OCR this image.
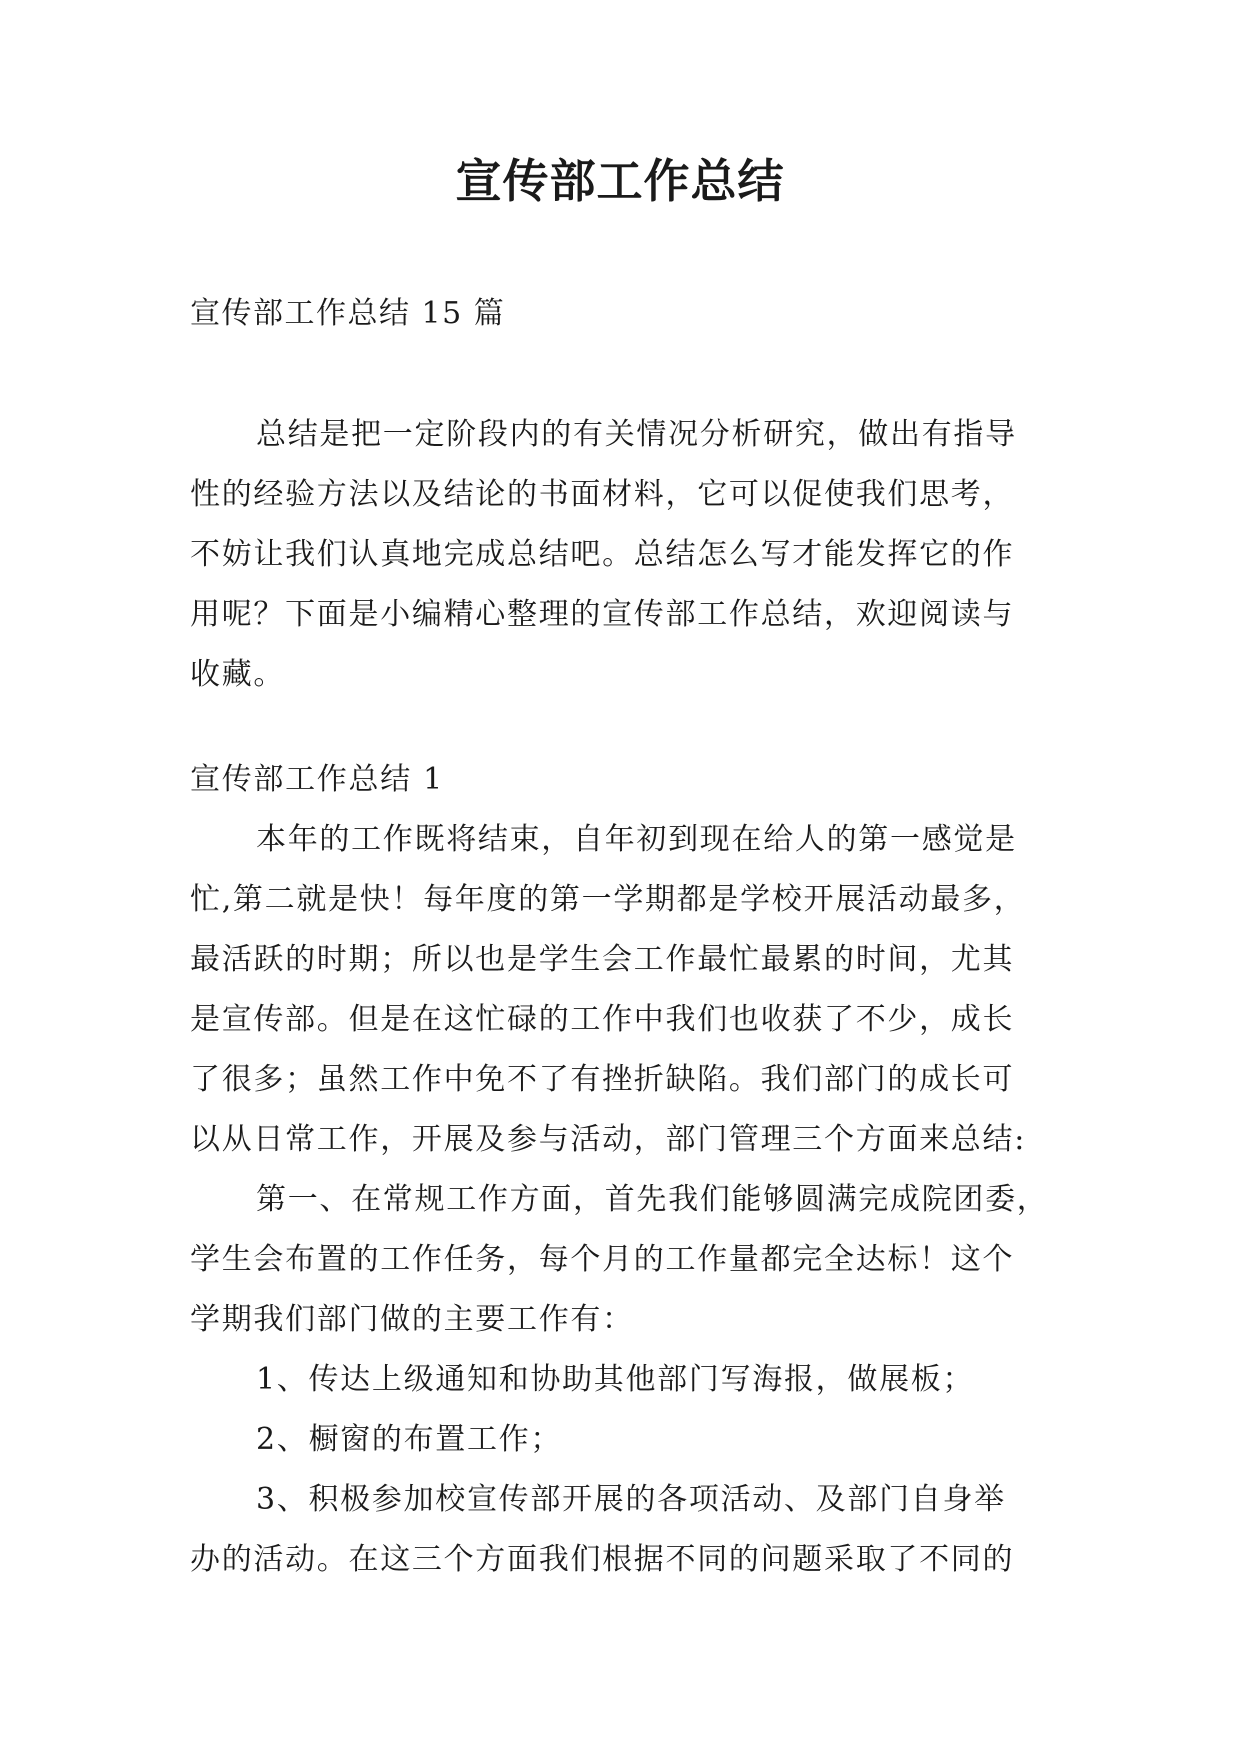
宣传部工作总结

宣传部工作总结 15 篇

总结是把一定阶段内的有关情况分析研究，做出有指导

性的经验方法以及结论的书面材料，它可以促使我们思考，

不妨让我们认真地完成总结吧。总结怎么写才能发挥它的作

用呢？下面是小编精心整理的宣传部工作总结，欢迎阅读与

收藏。

宣传部工作总结 1

本年的工作既将结束，自年初到现在给人的第一感觉是

忙,第二就是快！每年度的第一学期都是学校开展活动最多，

最活跃的时期；所以也是学生会工作最忙最累的时间，尤其

是宣传部。但是在这忙碌的工作中我们也收获了不少，成长

了很多；虽然工作中免不了有挫折缺陷。我们部门的成长可

以从日常工作，开展及参与活动，部门管理三个方面来总结:

第一、在常规工作方面，首先我们能够圆满完成院团委，

学生会布置的工作任务，每个月的工作量都完全达标！这个

学期我们部门做的主要工作有：

1、传达上级通知和协助其他部门写海报，做展板；

2、橱窗的布置工作；

3、积极参加校宣传部开展的各项活动、及部门自身举

办的活动。在这三个方面我们根据不同的问题采取了不同的
